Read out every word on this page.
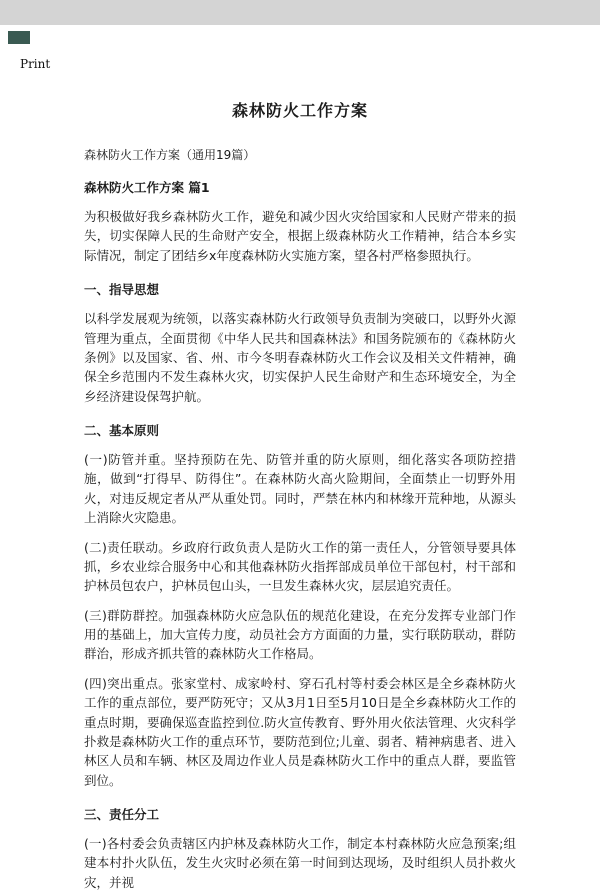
Print
森林防火工作方案
森林防火工作方案（通用19篇）
森林防火工作方案 篇1
为积极做好我乡森林防火工作，避免和减少因火灾给国家和人民财产带来的损失，切实保障人民的生命财产安全，根据上级森林防火工作精神，结合本乡实际情况，制定了团结乡x年度森林防火实施方案，望各村严格参照执行。
一、指导思想
以科学发展观为统领，以落实森林防火行政领导负责制为突破口，以野外火源管理为重点，全面贯彻《中华人民共和国森林法》和国务院颁布的《森林防火条例》以及国家、省、州、市今冬明春森林防火工作会议及相关文件精神，确保全乡范围内不发生森林火灾，切实保护人民生命财产和生态环境安全，为全乡经济建设保驾护航。
二、基本原则
(一)防管并重。坚持预防在先、防管并重的防火原则，细化落实各项防控措施，做到“打得早、防得住”。在森林防火高火险期间，全面禁止一切野外用火，对违反规定者从严从重处罚。同时，严禁在林内和林缘开荒种地，从源头上消除火灾隐患。
(二)责任联动。乡政府行政负责人是防火工作的第一责任人，分管领导要具体抓，乡农业综合服务中心和其他森林防火指挥部成员单位干部包村，村干部和护林员包农户，护林员包山头，一旦发生森林火灾，层层追究责任。
(三)群防群控。加强森林防火应急队伍的规范化建设，在充分发挥专业部门作用的基础上，加大宣传力度，动员社会方方面面的力量，实行联防联动，群防群治，形成齐抓共管的森林防火工作格局。
(四)突出重点。张家堂村、成家岭村、穿石孔村等村委会林区是全乡森林防火工作的重点部位，要严防死守；又从3月1日至5月10日是全乡森林防火工作的重点时期，要确保巡查监控到位.防火宣传教育、野外用火依法管理、火灾科学扑救是森林防火工作的重点环节，要防范到位;儿童、弱者、精神病患者、进入林区人员和车辆、林区及周边作业人员是森林防火工作中的重点人群，要监管到位。
三、责任分工
(一)各村委会负责辖区内护林及森林防火工作，制定本村森林防火应急预案;组建本村扑火队伍，发生火灾时必须在第一时间到达现场，及时组织人员扑救火灾，并视
